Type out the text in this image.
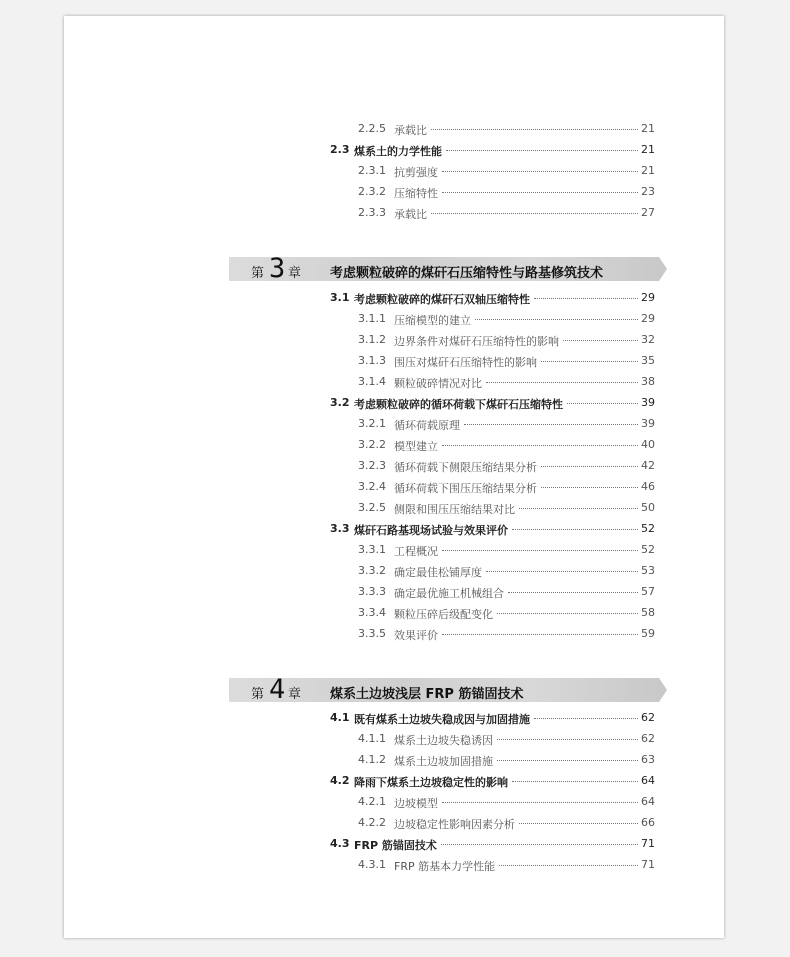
2.2.5 承载比	21
2.3 煤系土的力学性能	21
2.3.1 抗剪强度	21
2.3.2 压缩特性	23
2.3.3 承载比	27
第 3 章 考虑颗粒破碎的煤矸石压缩特性与路基修筑技术
3.1 考虑颗粒破碎的煤矸石双轴压缩特性	29
3.1.1 压缩模型的建立	29
3.1.2 边界条件对煤矸石压缩特性的影响	32
3.1.3 围压对煤矸石压缩特性的影响	35
3.1.4 颗粒破碎情况对比	38
3.2 考虑颗粒破碎的循环荷载下煤矸石压缩特性	39
3.2.1 循环荷载原理	39
3.2.2 模型建立	40
3.2.3 循环荷载下侧限压缩结果分析	42
3.2.4 循环荷载下围压压缩结果分析	46
3.2.5 侧限和围压压缩结果对比	50
3.3 煤矸石路基现场试验与效果评价	52
3.3.1 工程概况	52
3.3.2 确定最佳松铺厚度	53
3.3.3 确定最优施工机械组合	57
3.3.4 颗粒压碎后级配变化	58
3.3.5 效果评价	59
第 4 章 煤系土边坡浅层 FRP 筋锚固技术
4.1 既有煤系土边坡失稳成因与加固措施	62
4.1.1 煤系土边坡失稳诱因	62
4.1.2 煤系土边坡加固措施	63
4.2 降雨下煤系土边坡稳定性的影响	64
4.2.1 边坡模型	64
4.2.2 边坡稳定性影响因素分析	66
4.3 FRP 筋锚固技术	71
4.3.1 FRP 筋基本力学性能	71
